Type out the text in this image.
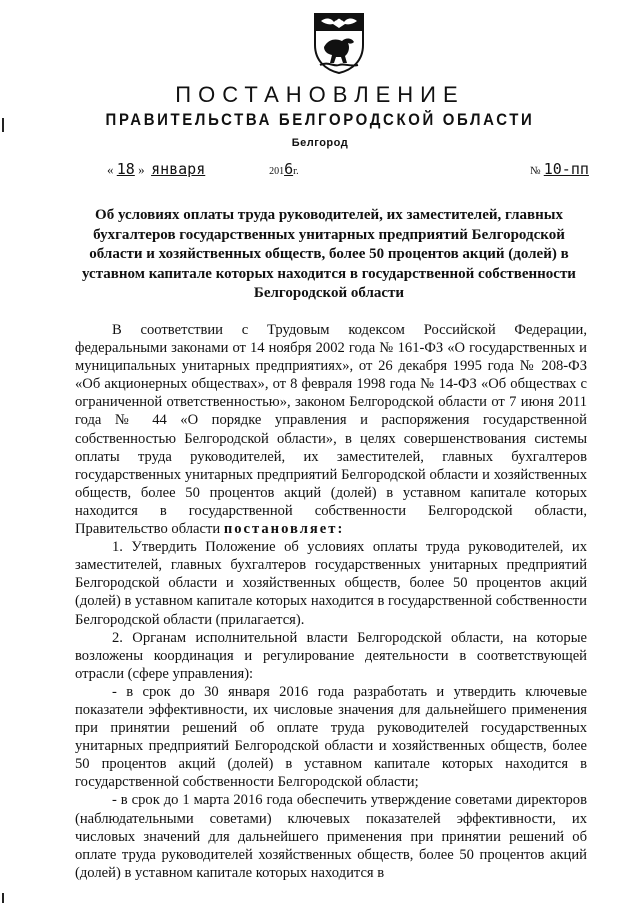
ПОСТАНОВЛЕНИЕ
ПРАВИТЕЛЬСТВА БЕЛГОРОДСКОЙ ОБЛАСТИ
Белгород
« 18 » января	2016г.	№ 10-пп
Об условиях оплаты труда руководителей, их заместителей, главных бухгалтеров государственных унитарных предприятий Белгородской области и хозяйственных обществ, более 50 процентов акций (долей) в уставном капитале которых находится в государственной собственности Белгородской области

В соответствии с Трудовым кодексом Российской Федерации, федеральными законами от 14 ноября 2002 года № 161-ФЗ «О государственных и муниципальных унитарных предприятиях», от 26 декабря 1995 года № 208-ФЗ «Об акционерных обществах», от 8 февраля 1998 года № 14-ФЗ «Об обществах с ограниченной ответственностью», законом Белгородской области от 7 июня 2011 года № 44 «О порядке управления и распоряжения государственной собственностью Белгородской области», в целях совершенствования системы оплаты труда руководителей, их заместителей, главных бухгалтеров государственных унитарных предприятий Белгородской области и хозяйственных обществ, более 50 процентов акций (долей) в уставном капитале которых находится в государственной собственности Белгородской области, Правительство области постановляет:

1. Утвердить Положение об условиях оплаты труда руководителей, их заместителей, главных бухгалтеров государственных унитарных предприятий Белгородской области и хозяйственных обществ, более 50 процентов акций (долей) в уставном капитале которых находится в государственной собственности Белгородской области (прилагается).

2. Органам исполнительной власти Белгородской области, на которые возложены координация и регулирование деятельности в соответствующей отрасли (сфере управления):

- в срок до 30 января 2016 года разработать и утвердить ключевые показатели эффективности, их числовые значения для дальнейшего применения при принятии решений об оплате труда руководителей государственных унитарных предприятий Белгородской области и хозяйственных обществ, более 50 процентов акций (долей) в уставном капитале которых находится в государственной собственности Белгородской области;

- в срок до 1 марта 2016 года обеспечить утверждение советами директоров (наблюдательными советами) ключевых показателей эффективности, их числовых значений для дальнейшего применения при принятии решений об оплате труда руководителей хозяйственных обществ, более 50 процентов акций (долей) в уставном капитале которых находится в
